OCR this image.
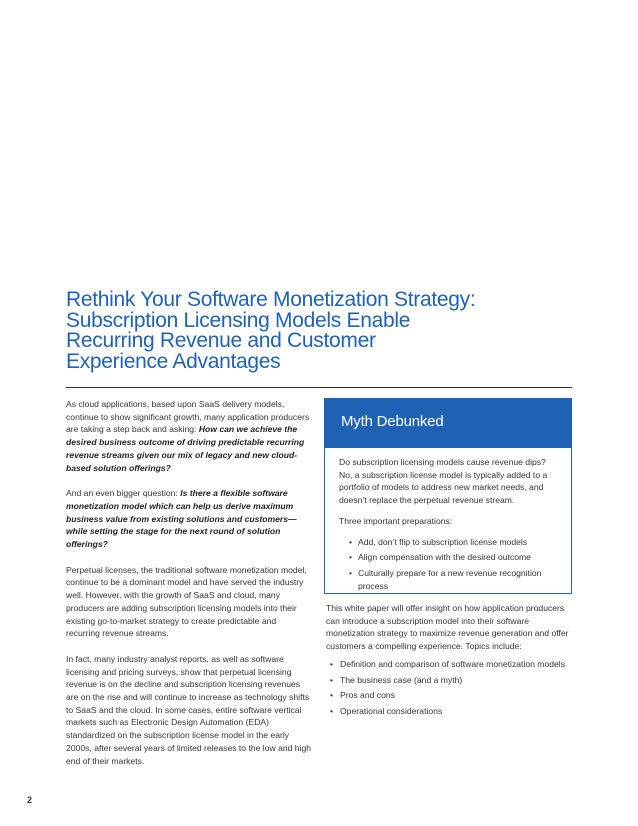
Rethink Your Software Monetization Strategy:
Subscription Licensing Models Enable
Recurring Revenue and Customer
Experience Advantages

As cloud applications, based upon SaaS delivery models, continue to show significant growth, many application producers are taking a step back and asking: How can we achieve the desired business outcome of driving predictable recurring revenue streams given our mix of legacy and new cloud-based solution offerings?

And an even bigger question: Is there a flexible software monetization model which can help us derive maximum business value from existing solutions and customers—while setting the stage for the next round of solution offerings?

Perpetual licenses, the traditional software monetization model, continue to be a dominant model and have served the industry well. However, with the growth of SaaS and cloud, many producers are adding subscription licensing models into their existing go-to-market strategy to create predictable and recurring revenue streams.

In fact, many industry analyst reports, as well as software licensing and pricing surveys, show that perpetual licensing revenue is on the decline and subscription licensing revenues are on the rise and will continue to increase as technology shifts to SaaS and the cloud. In some cases, entire software vertical markets such as Electronic Design Automation (EDA) standardized on the subscription license model in the early 2000s, after several years of limited releases to the low and high end of their markets.

Myth Debunked

Do subscription licensing models cause revenue dips? No, a subscription license model is typically added to a portfolio of models to address new market needs, and doesn’t replace the perpetual revenue stream.

Three important preparations:

• Add, don’t flip to subscription license models
• Align compensation with the desired outcome
• Culturally prepare for a new revenue recognition process

This white paper will offer insight on how application producers can introduce a subscription model into their software monetization strategy to maximize revenue generation and offer customers a compelling experience. Topics include:

• Definition and comparison of software monetization models
• The business case (and a myth)
• Pros and cons
• Operational considerations
2
